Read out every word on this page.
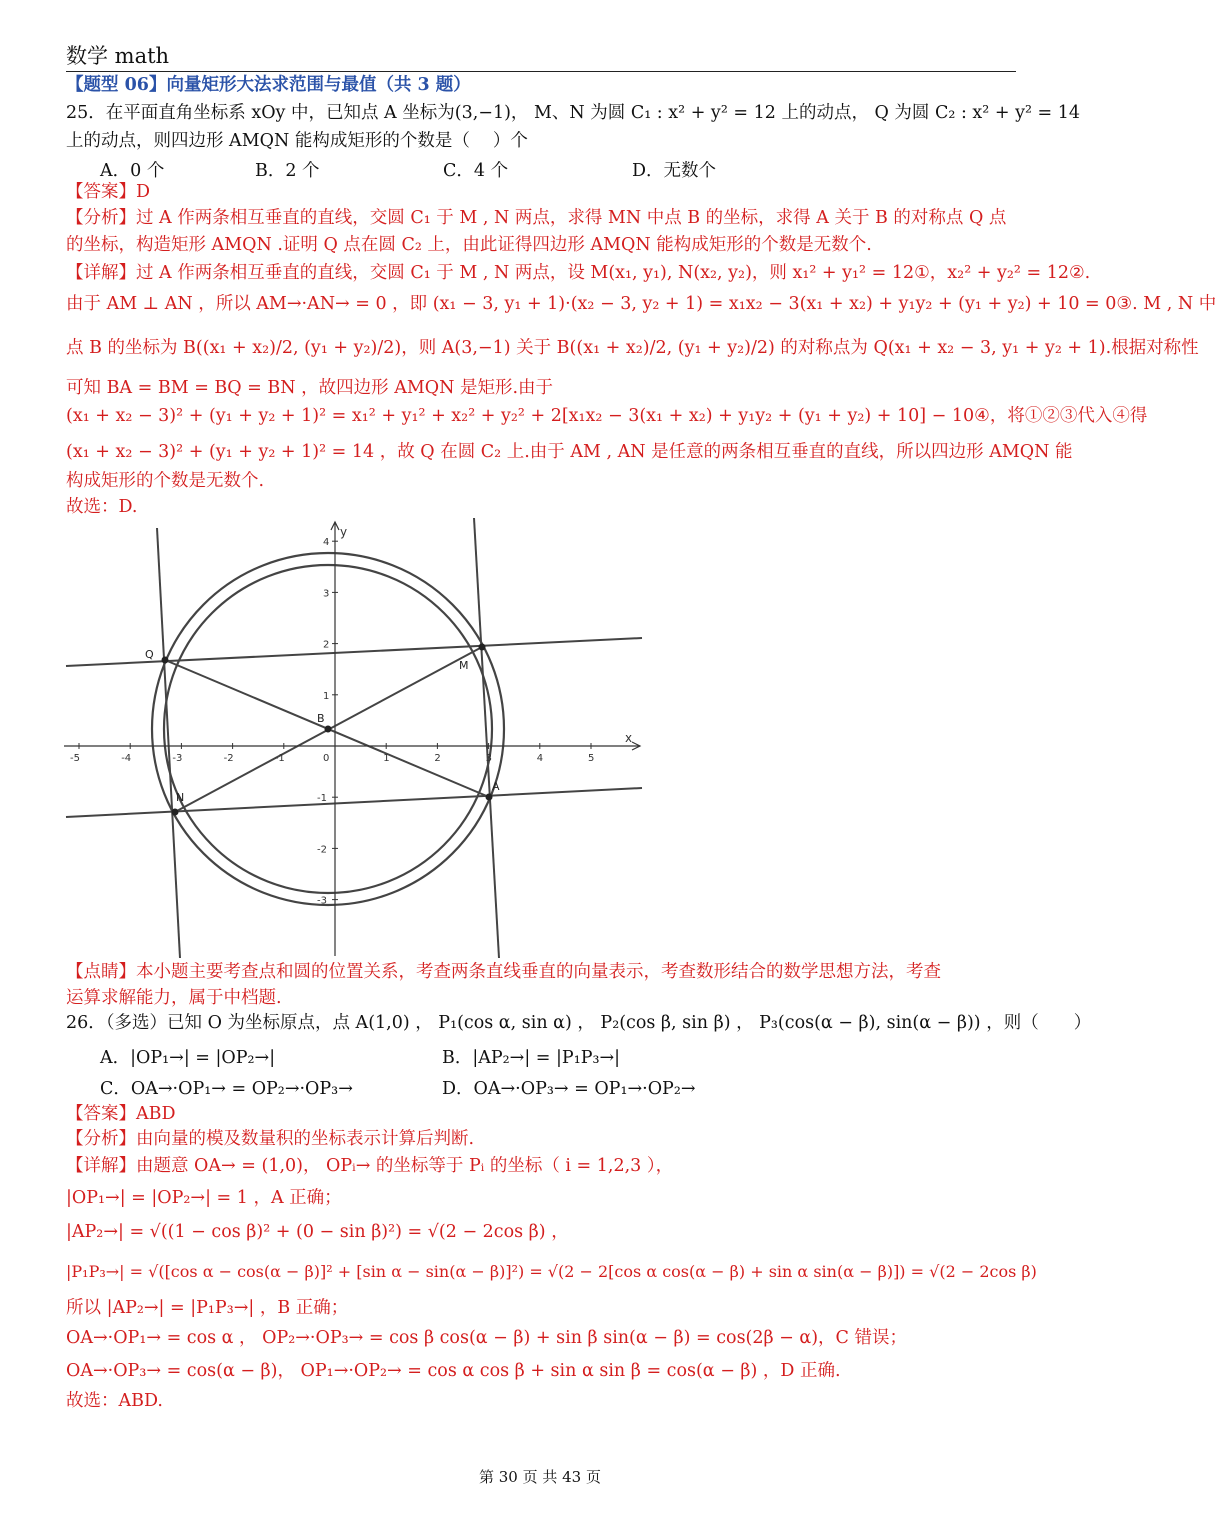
数学 math
【题型 06】向量矩形大法求范围与最值（共 3 题）
25．在平面直角坐标系 xOy 中，已知点 A 坐标为(3,−1)， M、N 为圆 C₁ : x² + y² = 12 上的动点， Q 为圆 C₂ : x² + y² = 14
上的动点，则四边形 AMQN 能构成矩形的个数是（　 ）个
A．0 个	B．2 个	C．4 个	D．无数个
【答案】D
【分析】过 A 作两条相互垂直的直线，交圆 C₁ 于 M , N 两点，求得 MN 中点 B 的坐标，求得 A 关于 B 的对称点 Q 点
的坐标，构造矩形 AMQN .证明 Q 点在圆 C₂ 上，由此证得四边形 AMQN 能构成矩形的个数是无数个.
【详解】过 A 作两条相互垂直的直线，交圆 C₁ 于 M , N 两点，设 M(x₁, y₁), N(x₂, y₂)，则 x₁² + y₁² = 12①，x₂² + y₂² = 12②.
由于 AM ⊥ AN ，所以 AM→·AN→ = 0 ，即 (x₁ − 3, y₁ + 1)·(x₂ − 3, y₂ + 1) = x₁x₂ − 3(x₁ + x₂) + y₁y₂ + (y₁ + y₂) + 10 = 0③. M , N 中
点 B 的坐标为 B((x₁ + x₂)/2, (y₁ + y₂)/2)，则 A(3,−1) 关于 B((x₁ + x₂)/2, (y₁ + y₂)/2) 的对称点为 Q(x₁ + x₂ − 3, y₁ + y₂ + 1).根据对称性
可知 BA = BM = BQ = BN ，故四边形 AMQN 是矩形.由于
(x₁ + x₂ − 3)² + (y₁ + y₂ + 1)² = x₁² + y₁² + x₂² + y₂² + 2[x₁x₂ − 3(x₁ + x₂) + y₁y₂ + (y₁ + y₂) + 10] − 10④，将①②③代入④得
(x₁ + x₂ − 3)² + (y₁ + y₂ + 1)² = 14 ，故 Q 在圆 C₂ 上.由于 AM , AN 是任意的两条相互垂直的直线，所以四边形 AMQN 能
构成矩形的个数是无数个.
故选：D.
-5	-4	-3	-2	-1	1	2	3	4	5
4
3
2
1
-1
-2
-3
y
x
0
Q
M
B
N
A
【点睛】本小题主要考查点和圆的位置关系，考查两条直线垂直的向量表示，考查数形结合的数学思想方法，考查
运算求解能力，属于中档题.
26．（多选）已知 O 为坐标原点，点 A(1,0) ， P₁(cos α, sin α) ， P₂(cos β, sin β) ， P₃(cos(α − β), sin(α − β)) ，则（　　）
A．|OP₁→| = |OP₂→|	B．|AP₂→| = |P₁P₃→|
C．OA→·OP₁→ = OP₂→·OP₃→	D．OA→·OP₃→ = OP₁→·OP₂→
【答案】ABD
【分析】由向量的模及数量积的坐标表示计算后判断.
【详解】由题意 OA→ = (1,0)， OPᵢ→ 的坐标等于 Pᵢ 的坐标（ i = 1,2,3 ），
|OP₁→| = |OP₂→| = 1 ，A 正确；
|AP₂→| = √((1 − cos β)² + (0 − sin β)²) = √(2 − 2cos β) ，
|P₁P₃→| = √([cos α − cos(α − β)]² + [sin α − sin(α − β)]²) = √(2 − 2[cos α cos(α − β) + sin α sin(α − β)]) = √(2 − 2cos β)
所以 |AP₂→| = |P₁P₃→| ，B 正确；
OA→·OP₁→ = cos α ， OP₂→·OP₃→ = cos β cos(α − β) + sin β sin(α − β) = cos(2β − α)，C 错误；
OA→·OP₃→ = cos(α − β)， OP₁→·OP₂→ = cos α cos β + sin α sin β = cos(α − β) ，D 正确.
故选：ABD.
第 30 页 共 43 页
